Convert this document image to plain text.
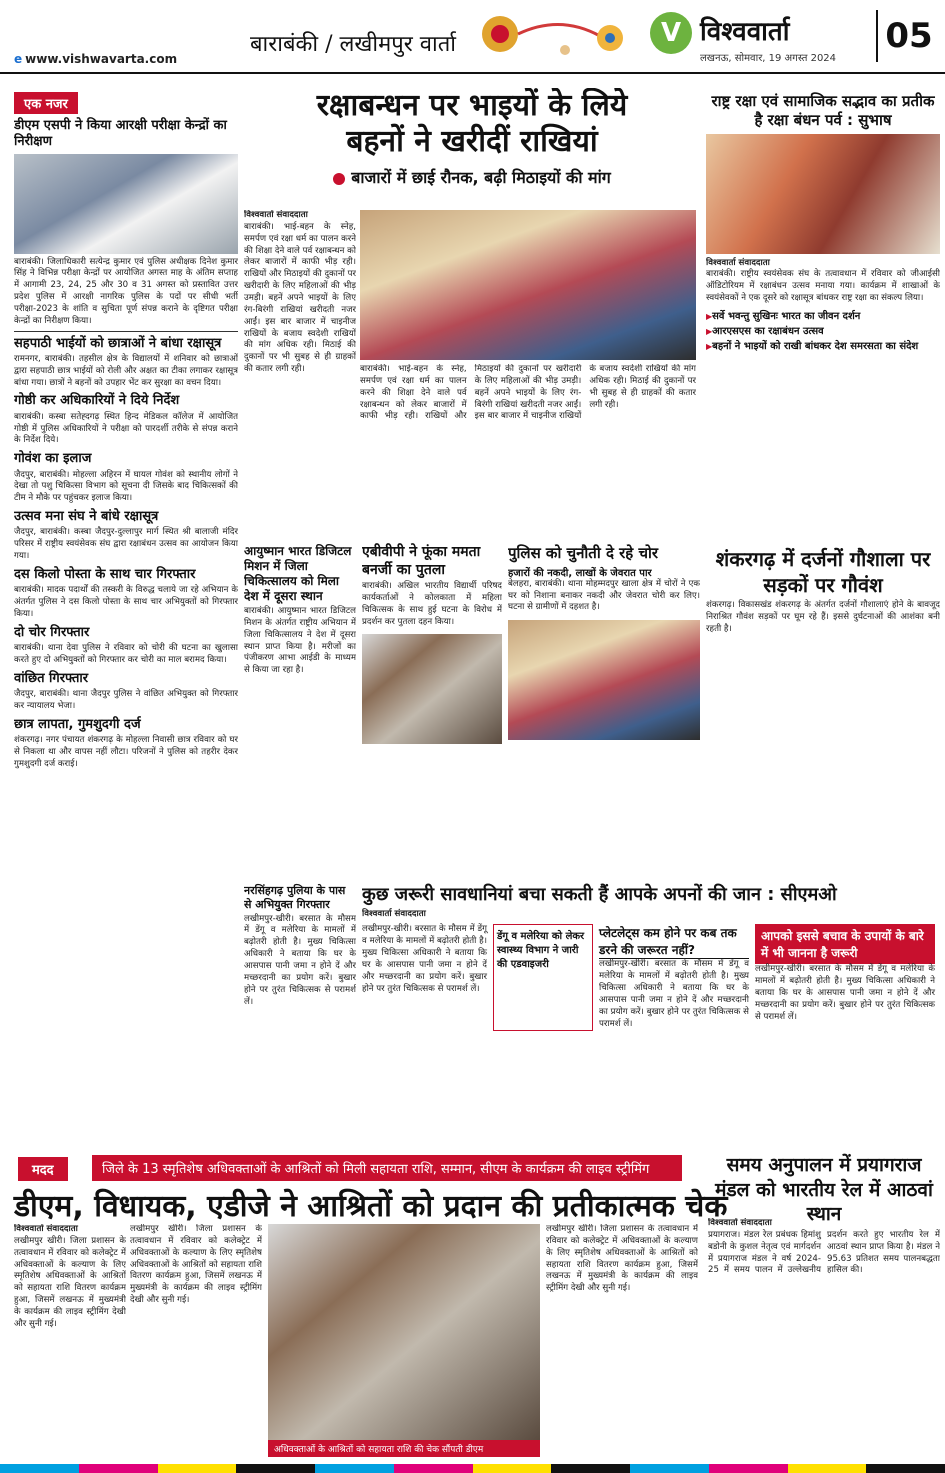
e www.vishwavarta.com
बाराबंकी / लखीमपुर वार्ता	V विश्ववार्ता
लखनऊ, सोमवार, 19 अगस्त 2024
05
एक नजर
डीएम एसपी ने किया आरक्षी परीक्षा केन्द्रों का निरीक्षण
बाराबंकी। जिलाधिकारी सत्येन्द्र कुमार एवं पुलिस अधीक्षक दिनेश कुमार सिंह ने विभिन्न परीक्षा केन्द्रों पर आयोजित अगस्त माह के अंतिम सप्ताह में आगामी 23, 24, 25 और 30 व 31 अगस्त को प्रस्तावित उत्तर प्रदेश पुलिस में आरक्षी नागरिक पुलिस के पदों पर सीधी भर्ती परीक्षा-2023 के शांति व सुचिता पूर्ण संपन्न कराने के दृष्टिगत परीक्षा केन्द्रों का निरीक्षण किया।
सहपाठी भाईयों को छात्राओं ने बांधा रक्षासूत्र
रामनगर, बाराबंकी। तहसील क्षेत्र के विद्यालयों में शनिवार को छात्राओं द्वारा सहपाठी छात्र भाईयों को रोली और अक्षत का टीका लगाकर रक्षासूत्र बांधा गया। छात्रों ने बहनों को उपहार भेंट कर सुरक्षा का वचन दिया।
गोष्ठी कर अधिकारियों ने दिये निर्देश
बाराबंकी। कस्बा सतेह्दगढ़ स्थित हिन्द मेडिकल कॉलेज में आयोजित गोष्ठी में पुलिस अधिकारियों ने परीक्षा को पारदर्शी तरीके से संपन्न कराने के निर्देश दिये।
गोवंश का इलाज
जैदपुर, बाराबंकी। मोहल्ला अहिरन में घायल गोवंश को स्थानीय लोगों ने देखा तो पशु चिकित्सा विभाग को सूचना दी जिसके बाद चिकित्सकों की टीम ने मौके पर पहुंचकर इलाज किया।
उत्सव मना संघ ने बांधे रक्षासूत्र
जैदपुर, बाराबंकी। कस्बा जैदपुर-दुल्लापुर मार्ग स्थित श्री बालाजी मंदिर परिसर में राष्ट्रीय स्वयंसेवक संघ द्वारा रक्षाबंधन उत्सव का आयोजन किया गया।
दस किलो पोस्ता के साथ चार गिरफ्तार
बाराबंकी। मादक पदार्थों की तस्करी के विरुद्ध चलाये जा रहे अभियान के अंतर्गत पुलिस ने दस किलो पोस्ता के साथ चार अभियुक्तों को गिरफ्तार किया।
दो चोर गिरफ्तार
बाराबंकी। थाना देवा पुलिस ने रविवार को चोरी की घटना का खुलासा करते हुए दो अभियुक्तों को गिरफ्तार कर चोरी का माल बरामद किया।
वांछित गिरफ्तार
जैदपुर, बाराबंकी। थाना जैदपुर पुलिस ने वांछित अभियुक्त को गिरफ्तार कर न्यायालय भेजा।
छात्र लापता, गुमशुदगी दर्ज
शंकरगढ़। नगर पंचायत शंकरगढ़ के मोहल्ला निवासी छात्र रविवार को घर से निकला था और वापस नहीं लौटा। परिजनों ने पुलिस को तहरीर देकर गुमशुदगी दर्ज कराई।
रक्षाबन्धन पर भाइयों के लिये
बहनों ने खरीदीं राखियां
बाजारों में छाई रौनक, बढ़ी मिठाइयों की मांग
विश्ववार्ता संवाददाता
बाराबंकी। भाई-बहन के स्नेह, समर्पण एवं रक्षा धर्म का पालन करने की शिक्षा देने वाले पर्व रक्षाबन्धन को लेकर बाजारों में काफी भीड़ रही। राखियों और मिठाइयों की दुकानों पर खरीदारी के लिए महिलाओं की भीड़ उमड़ी। बहनें अपने भाइयों के लिए रंग-बिरंगी राखियां खरीदती नजर आईं। इस बार बाजार में चाइनीज राखियों के बजाय स्वदेशी राखियों की मांग अधिक रही। मिठाई की दुकानों पर भी सुबह से ही ग्राहकों की कतार लगी रही।	बाराबंकी। भाई-बहन के स्नेह, समर्पण एवं रक्षा धर्म का पालन करने की शिक्षा देने वाले पर्व रक्षाबन्धन को लेकर बाजारों में काफी भीड़ रही। राखियों और मिठाइयों की दुकानों पर खरीदारी के लिए महिलाओं की भीड़ उमड़ी। बहनें अपने भाइयों के लिए रंग-बिरंगी राखियां खरीदती नजर आईं। इस बार बाजार में चाइनीज राखियों के बजाय स्वदेशी राखियों की मांग अधिक रही। मिठाई की दुकानों पर भी सुबह से ही ग्राहकों की कतार लगी रही।
राष्ट्र रक्षा एवं सामाजिक सद्भाव का प्रतीक है रक्षा बंधन पर्व : सुभाष
विश्ववार्ता संवाददाता
बाराबंकी। राष्ट्रीय स्वयंसेवक संघ के तत्वावधान में रविवार को जीआईसी ऑडिटोरियम में रक्षाबंधन उत्सव मनाया गया। कार्यक्रम में शाखाओं के स्वयंसेवकों ने एक दूसरे को रक्षासूत्र बांधकर राष्ट्र रक्षा का संकल्प लिया।
▶ सर्वे भवन्तु सुखिनः भारत का जीवन दर्शन
▶ आरएसएस का रक्षाबंधन उत्सव
▶ बहनों ने भाइयों को राखी बांधकर देश समरसता का संदेश
आयुष्मान भारत डिजिटल मिशन में जिला चिकित्सालय को मिला देश में दूसरा स्थान
बाराबंकी। आयुष्मान भारत डिजिटल मिशन के अंतर्गत राष्ट्रीय अभियान में जिला चिकित्सालय ने देश में दूसरा स्थान प्राप्त किया है। मरीजों का पंजीकरण आभा आईडी के माध्यम से किया जा रहा है।
एबीवीपी ने फूंका ममता बनर्जी का पुतला
बाराबंकी। अखिल भारतीय विद्यार्थी परिषद कार्यकर्ताओं ने कोलकाता में महिला चिकित्सक के साथ हुई घटना के विरोध में प्रदर्शन कर पुतला दहन किया।
पुलिस को चुनौती दे रहे चोर
हजारों की नकदी, लाखों के जेवरात पार
बेलहरा, बाराबंकी। थाना मोहम्मदपुर खाला क्षेत्र में चोरों ने एक घर को निशाना बनाकर नकदी और जेवरात चोरी कर लिए। घटना से ग्रामीणों में दहशत है।
शंकरगढ़ में दर्जनों गौशाला पर सड़कों पर गौवंश
शंकरगढ़। विकासखंड शंकरगढ़ के अंतर्गत दर्जनों गौशालाएं होने के बावजूद निराश्रित गौवंश सड़कों पर घूम रहे हैं। इससे दुर्घटनाओं की आशंका बनी रहती है।
नरसिंहगढ़ पुलिया के पास से अभियुक्त गिरफ्तार
लखीमपुर-खीरी। बरसात के मौसम में डेंगू व मलेरिया के मामलों में बढ़ोतरी होती है। मुख्य चिकित्सा अधिकारी ने बताया कि घर के आसपास पानी जमा न होने दें और मच्छरदानी का प्रयोग करें। बुखार होने पर तुरंत चिकित्सक से परामर्श लें।
कुछ जरूरी सावधानियां बचा सकती हैं आपके अपनों की जान : सीएमओ
विश्ववार्ता संवाददाता
लखीमपुर-खीरी। बरसात के मौसम में डेंगू व मलेरिया के मामलों में बढ़ोतरी होती है। मुख्य चिकित्सा अधिकारी ने बताया कि घर के आसपास पानी जमा न होने दें और मच्छरदानी का प्रयोग करें। बुखार होने पर तुरंत चिकित्सक से परामर्श लें।
डेंगू व मलेरिया को लेकर स्वास्थ्य विभाग ने जारी की एडवाइजरी
प्लेटलेट्स कम होने पर कब तक डरने की जरूरत नहीं?
लखीमपुर-खीरी। बरसात के मौसम में डेंगू व मलेरिया के मामलों में बढ़ोतरी होती है। मुख्य चिकित्सा अधिकारी ने बताया कि घर के आसपास पानी जमा न होने दें और मच्छरदानी का प्रयोग करें। बुखार होने पर तुरंत चिकित्सक से परामर्श लें।
आपको इससे बचाव के उपायों के बारे में भी जानना है जरूरी
लखीमपुर-खीरी। बरसात के मौसम में डेंगू व मलेरिया के मामलों में बढ़ोतरी होती है। मुख्य चिकित्सा अधिकारी ने बताया कि घर के आसपास पानी जमा न होने दें और मच्छरदानी का प्रयोग करें। बुखार होने पर तुरंत चिकित्सक से परामर्श लें।
मदद	जिले के 13 स्मृतिशेष अधिवक्ताओं के आश्रितों को मिली सहायता राशि, सम्मान, सीएम के कार्यक्रम की लाइव स्ट्रीमिंग	समय अनुपालन में प्रयागराज मंडल को भारतीय रेल में आठवां स्थान
डीएम, विधायक, एडीजे ने आश्रितों को प्रदान की प्रतीकात्मक चेक
विश्ववार्ता संवाददाता
लखीमपुर खीरी। जिला प्रशासन के तत्वावधान में रविवार को कलेक्ट्रेट में अधिवक्ताओं के कल्याण के लिए स्मृतिशेष अधिवक्ताओं के आश्रितों को सहायता राशि वितरण कार्यक्रम हुआ, जिसमें लखनऊ में मुख्यमंत्री के कार्यक्रम की लाइव स्ट्रीमिंग देखी और सुनी गई।
लखीमपुर खीरी। जिला प्रशासन के तत्वावधान में रविवार को कलेक्ट्रेट में अधिवक्ताओं के कल्याण के लिए स्मृतिशेष अधिवक्ताओं के आश्रितों को सहायता राशि वितरण कार्यक्रम हुआ, जिसमें लखनऊ में मुख्यमंत्री के कार्यक्रम की लाइव स्ट्रीमिंग देखी और सुनी गई।
अधिवक्ताओं के आश्रितों को सहायता राशि की चेक सौंपती डीएम
लखीमपुर खीरी। जिला प्रशासन के तत्वावधान में रविवार को कलेक्ट्रेट में अधिवक्ताओं के कल्याण के लिए स्मृतिशेष अधिवक्ताओं के आश्रितों को सहायता राशि वितरण कार्यक्रम हुआ, जिसमें लखनऊ में मुख्यमंत्री के कार्यक्रम की लाइव स्ट्रीमिंग देखी और सुनी गई।
विश्ववार्ता संवाददाता
प्रयागराज। मंडल रेल प्रबंधक हिमांशु बडोनी के कुशल नेतृत्व एवं मार्गदर्शन में प्रयागराज मंडल ने वर्ष 2024-25 में समय पालन में उल्लेखनीय प्रदर्शन करते हुए भारतीय रेल में आठवां स्थान प्राप्त किया है। मंडल ने 95.63 प्रतिशत समय पालनबद्धता हासिल की।
